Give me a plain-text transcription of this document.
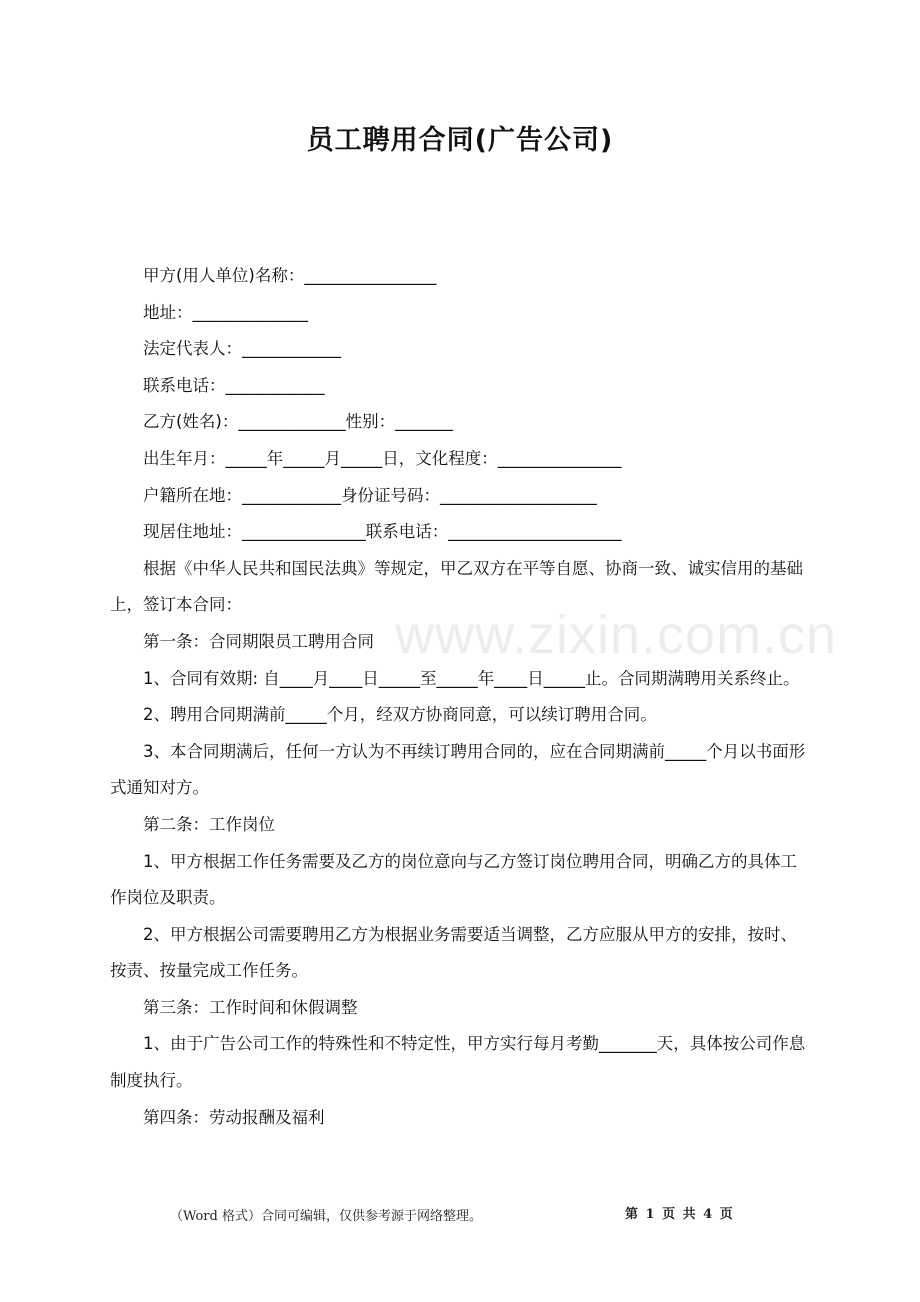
员工聘用合同(广告公司)

甲方(用人单位)名称：________________

地址：______________

法定代表人：____________

联系电话：____________

乙方(姓名)：_____________性别：_______

出生年月：_____年_____月_____日，文化程度：_______________

户籍所在地：____________身份证号码：___________________

现居住地址：_______________联系电话：_____________________

根据《中华人民共和国民法典》等规定，甲乙双方在平等自愿、协商一致、诚实信用的基础上，签订本合同：

第一条：合同期限员工聘用合同

1、合同有效期: 自____月____日_____至_____年____日_____止。合同期满聘用关系终止。

2、聘用合同期满前_____个月，经双方协商同意，可以续订聘用合同。

3、本合同期满后，任何一方认为不再续订聘用合同的，应在合同期满前_____个月以书面形式通知对方。

第二条：工作岗位

1、甲方根据工作任务需要及乙方的岗位意向与乙方签订岗位聘用合同，明确乙方的具体工作岗位及职责。

2、甲方根据公司需要聘用乙方为根据业务需要适当调整，乙方应服从甲方的安排，按时、按责、按量完成工作任务。

第三条：工作时间和休假调整

1、由于广告公司工作的特殊性和不特定性，甲方实行每月考勤_______天，具体按公司作息制度执行。

第四条：劳动报酬及福利

www.zixin.com.cn
（Word 格式）合同可编辑，仅供参考源于网络整理。	第 1 页 共 4 页
